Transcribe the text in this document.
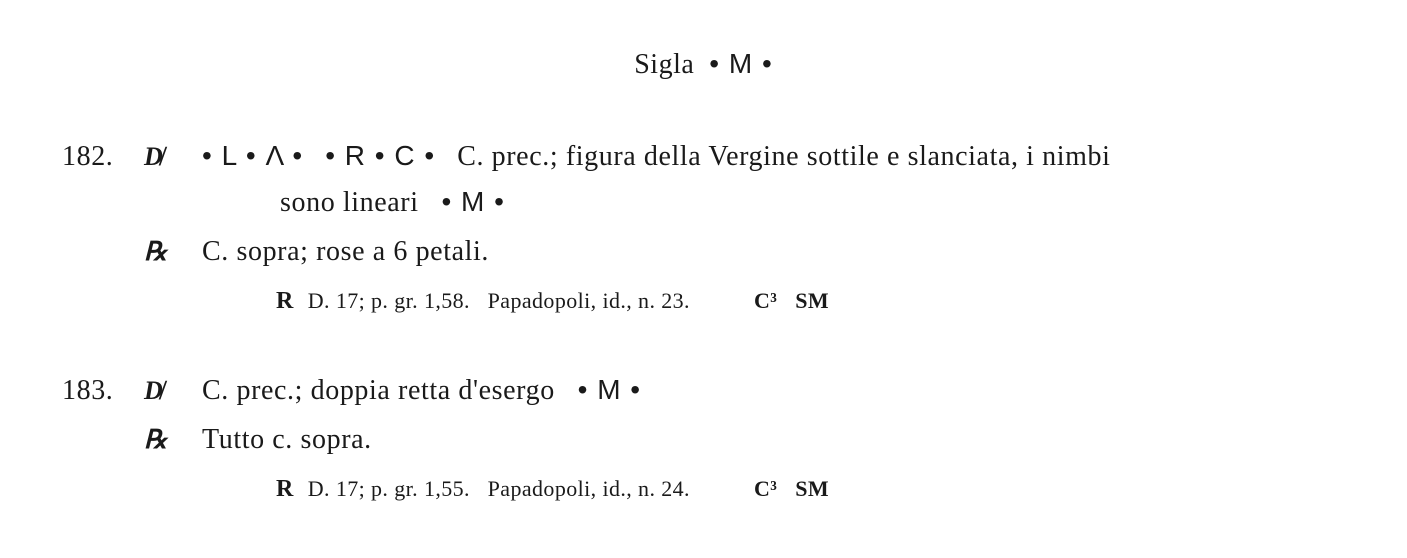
Sigla • M •
182. D̸ • L • Λ • • R • C • C. prec.; figura della Vergine sottile e slanciata, i nimbi
sono lineari • M •
℞ C. sopra; rose a 6 petali.
R D. 17; p. gr. 1,58. Papadopoli, id., n. 23.	C³ SM
183. D̸ C. prec.; doppia retta d'esergo • M •
℞ Tutto c. sopra.
R D. 17; p. gr. 1,55. Papadopoli, id., n. 24.	C³ SM
